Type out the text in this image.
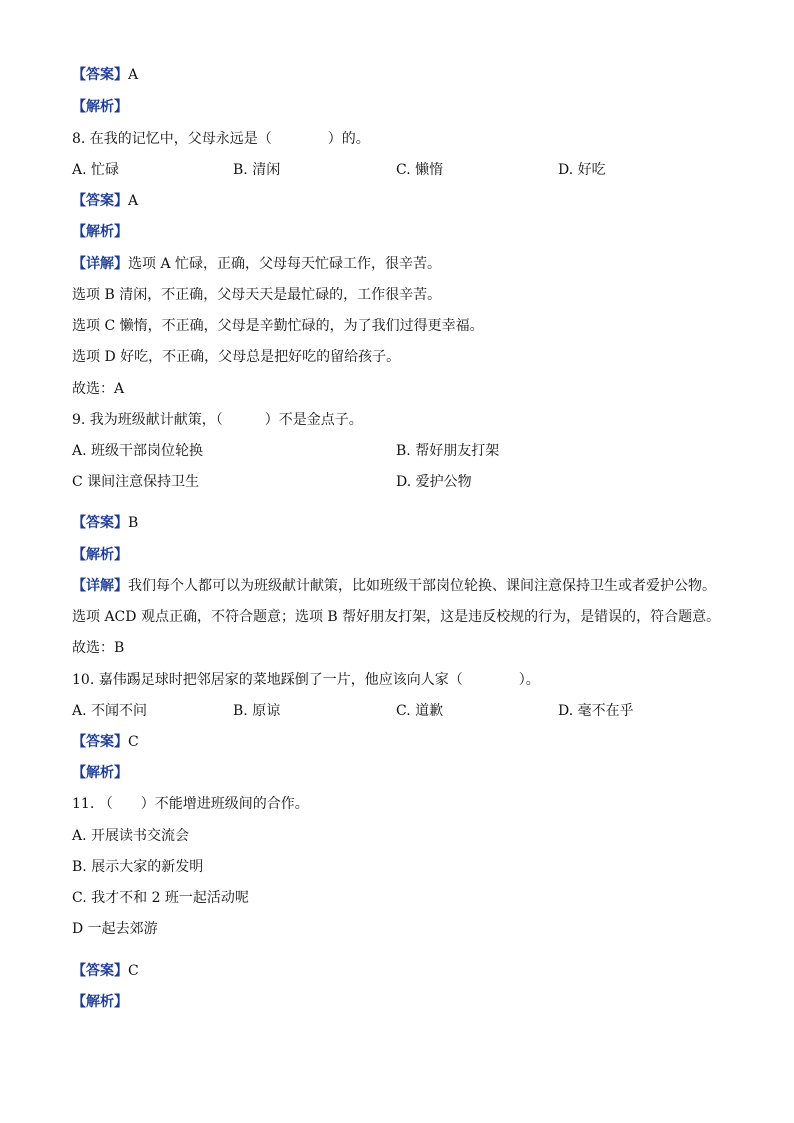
【答案】A
【解析】
8. 在我的记忆中，父母永远是（　　　　）的。
A. 忙碌	B. 清闲	C. 懒惰	D. 好吃
【答案】A
【解析】
【详解】选项 A 忙碌，正确，父母每天忙碌工作，很辛苦。
选项 B 清闲，不正确，父母天天是最忙碌的，工作很辛苦。
选项 C 懒惰，不正确，父母是辛勤忙碌的，为了我们过得更幸福。
选项 D 好吃，不正确，父母总是把好吃的留给孩子。
故选：A
9. 我为班级献计献策，（　　　）不是金点子。
A. 班级干部岗位轮换	B. 帮好朋友打架
C 课间注意保持卫生	D. 爱护公物
【答案】B
【解析】
【详解】我们每个人都可以为班级献计献策，比如班级干部岗位轮换、课间注意保持卫生或者爱护公物。
选项 ACD 观点正确，不符合题意；选项 B 帮好朋友打架，这是违反校规的行为，是错误的，符合题意。
故选：B
10. 嘉伟踢足球时把邻居家的菜地踩倒了一片，他应该向人家（　　　　）。
A. 不闻不问	B. 原谅	C. 道歉	D. 毫不在乎
【答案】C
【解析】
11. （　　）不能增进班级间的合作。
A. 开展读书交流会
B. 展示大家的新发明
C. 我才不和 2 班一起活动呢
D 一起去郊游
【答案】C
【解析】
